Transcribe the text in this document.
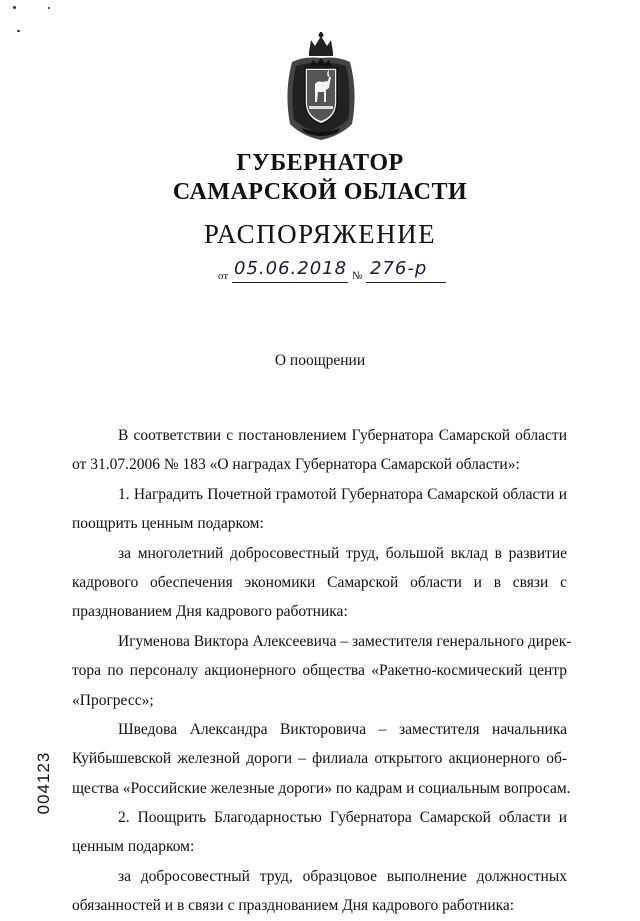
ГУБЕРНАТОР
САМАРСКОЙ ОБЛАСТИ
РАСПОРЯЖЕНИЕ
от 05.06.2018 № 276-р
О поощрении
В соответствии с постановлением Губернатора Самарской области
от 31.07.2006 № 183 «О наградах Губернатора Самарской области»:
1. Наградить Почетной грамотой Губернатора Самарской области и
поощрить ценным подарком:
за многолетний добросовестный труд, большой вклад в развитие
кадрового обеспечения экономики Самарской области и в связи с
празднованием Дня кадрового работника:
Игуменова Виктора Алексеевича – заместителя генерального дирек-
тора по персоналу акционерного общества «Ракетно-космический центр
«Прогресс»;
Шведова Александра Викторовича – заместителя начальника
Куйбышевской железной дороги – филиала открытого акционерного об-
щества «Российские железные дороги» по кадрам и социальным вопросам.
2. Поощрить Благодарностью Губернатора Самарской области и
ценным подарком:
за добросовестный труд, образцовое выполнение должностных
обязанностей и в связи с празднованием Дня кадрового работника:
004123
